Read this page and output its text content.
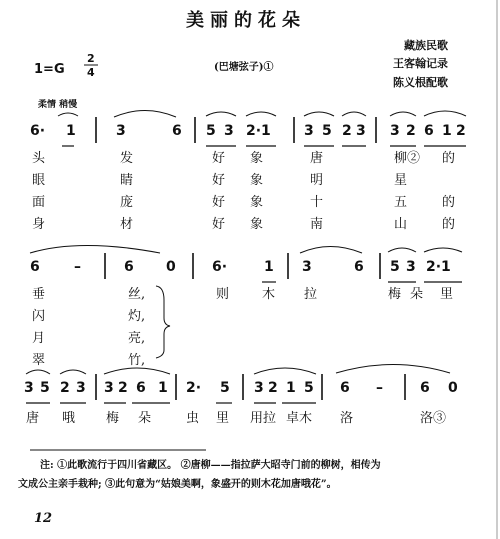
美丽的花朵
藏族民歌
王客翰记录
陈义根配歌
1=G
2
4	(巴塘弦子)①
柔情 稍慢
6· 1	3	6 5 3 2·1 3 5 2 3 3 2 6 1 2
头	发	好 象	唐	柳② 的
眼	睛	好 象	明	星
面	庞	好 象	十	五	的
身	材	好 象	南	山	的
6 –	6 0	6·	1 3	6 5 3 2·1
垂	丝,
闪	灼,
月	亮,
翠	竹,
则	木 拉	梅 朵 里
3 5 2 3 3 2 6 1 2· 5 3 2 1 5 6 –	6 0
唐 哦 梅 朵	虫 里 用拉 卓木 洛	洛③
注: ①此歌流行于四川省藏区。 ②唐柳——指拉萨大昭寺门前的柳树，相传为
文成公主亲手栽种; ③此句意为“姑娘美啊，象盛开的则木花加唐哦花”。
12
